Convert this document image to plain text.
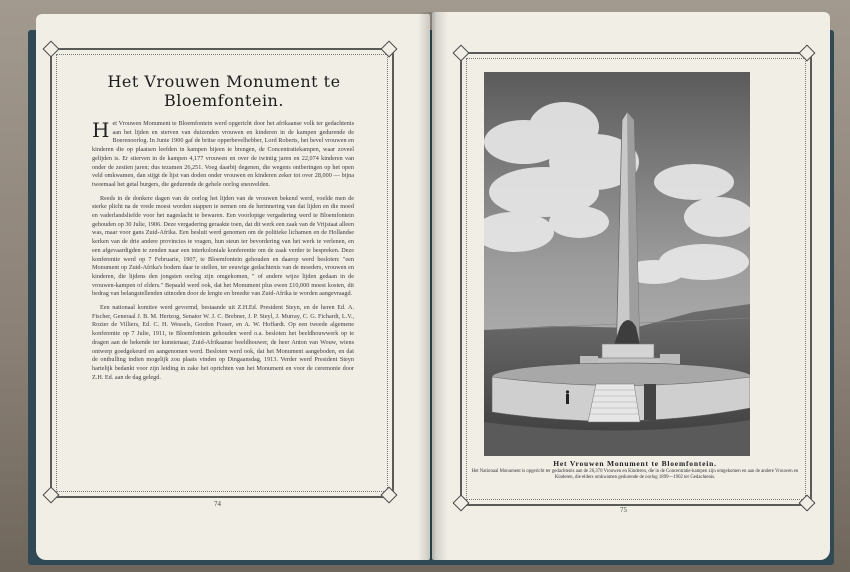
Het Vrouwen Monument te
Bloemfontein.

Het Vrouwen Monument te Bloemfontein werd opgericht door het afrikaanse volk ter gedachtenis aan het lijden en sterven van duizenden vrouwen en kinderen in de kampen gedurende de Boerenoorlog. In Junie 1900 gaf de britse opperbevelhebber, Lord Roberts, het bevel vrouwen en kinderen die op plaatsen leefden in kampen bijeen te brengen, de Concentratiekampen, waar zoveel gelijden is. Er stierven in de kampen 4,177 vrouwen en over de twintig jaren en 22,074 kinderen van onder de zestien jaren; dus tezamen 26,251. Voeg daarbij degenen, die wegens ontberingen op het open veld omkwamen, dan stijgt de lijst van doden onder vrouwen en kinderen zeker tot over 28,000 — bijna tweemaal het getal burgers, die gedurende de gehele oorlog sneuvelden.

Reeds in de donkere dagen van de oorlog het lijden van de vrouwen bekend werd, voelde men de sterke plicht na de vrede moest worden stappen te nemen om de herinnering van dat lijden en die moed en vaderlandsliefde voor het nageslacht te bewaren. Een voorlopige vergadering werd te Bloemfontein gehouden op 30 Julie, 1906. Deze vergadering geraakte toen, dat dit werk een zaak van de Vrijstaat alleen was, maar voor gans Zuid-Afrika. Een besluit werd genomen om de politieke lichamen en de Hollandse kerken van de drie andere provincies te vragen, hun steun ter bevordering van het werk te verlenen, en een afgevaardigden te zenden naar een interkoloniale konferentie om de zaak verder te bespreken. Deze konferentie werd op 7 Februarie, 1907, te Bloemfontein gehouden en daarop werd besloten: "een Monument op Zuid-Afrika's bodem daar te stellen, ter eeuwige gedachtenis van de moeders, vrouwen en kinderen, die lijdens den jongsten oorlog zijn omgekomen, " of andere wijze lijden gedaan in de vrouwen-kampen of elders." Bepaald werd ook, dat het Monument plus ewen £10,000 moest kosten, dit bedrag van belangstellenden uitnoden door de lengte en breedte van Zuid-Afrika te worden aangevraagd.

Een nationaal komitee werd gevormd, bestaande uit Z.H.Ed. President Steyn, en de heren Ed. A. Fischer, Generaal J. B. M. Hertzog, Senator W. J. C. Brebner, J. P. Steyl, J. Murray, C. G. Fichardt, L.V., Rozier de Villiers, Ed. C. H. Wessels, Gordon Fraser, en A. W. Hoffardt. Op een tweede algemene konferentie op 7 Julie, 1911, te Bloemfontein gehouden werd o.a. besloten het beeldhouwwerk op te dragen aan de bekende ter kunstenaar, Zuid-Afrikaanse beeldhouwer, de heer Anton van Wouw, wiens ontwerp goedgekeurd en aangenomen werd. Besloten werd ook, dat het Monument aangeboden, en dat de onthulling indien mogelijk zou plaats vinden op Dingaansdag, 1913. Verder werd President Steyn hartelijk bedankt voor zijn leiding in zake het oprichten van het Monument en voor de ceremonie door Z.H. Ed. aan de dag gelegd.

74
Het Vrouwen Monument te Bloemfontein.
Het Nationaal Monument is opgericht ter gedachtenis aan de 26,370 Vrouwen en Kinderen, die in de Concentratie-kampen zijn omgekomen en aan de andere Vrouwen en Kinderen, die elders omkwamen gedurende de oorlog 1899—1902 ter Gedachtenis.
75
